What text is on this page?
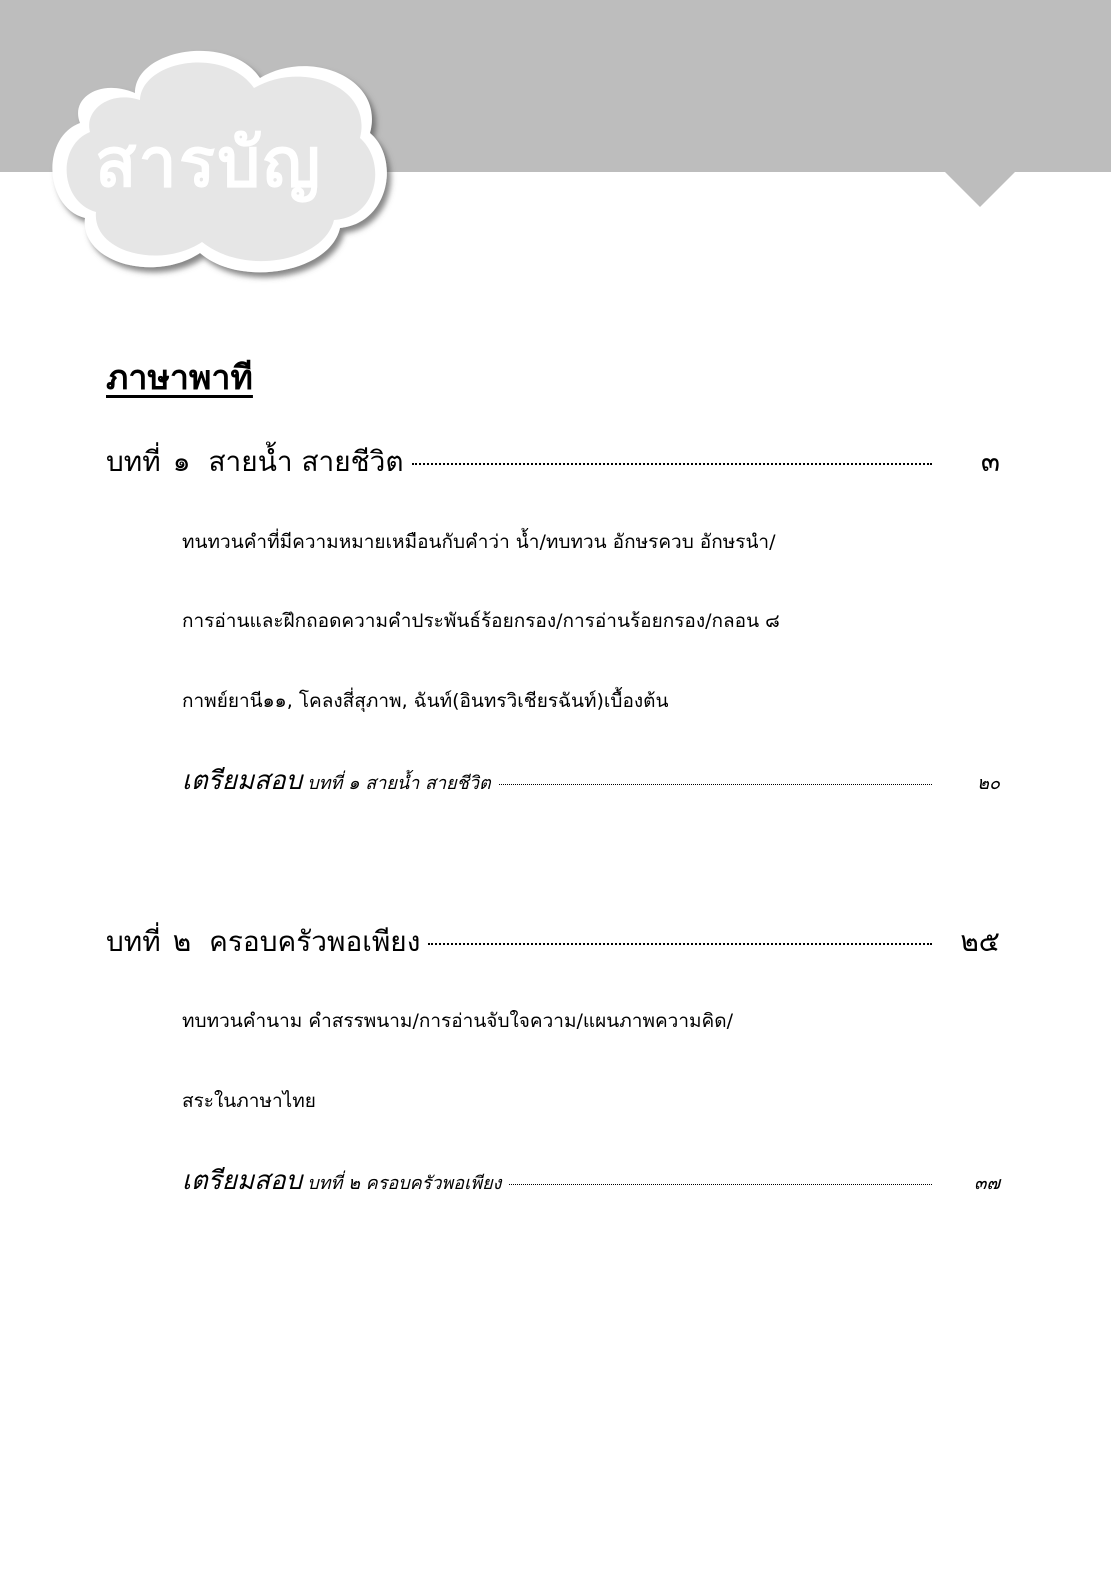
สารบัญ
ภาษาพาที
บทที่ ๑ สายน้ำ สายชีวิต	๓
ทนทวนคำที่มีความหมายเหมือนกับคำว่า น้ำ/ทบทวน อักษรควบ อักษรนำ/
การอ่านและฝึกถอดความคำประพันธ์ร้อยกรอง/การอ่านร้อยกรอง/กลอน ๘
กาพย์ยานี๑๑, โคลงสี่สุภาพ, ฉันท์(อินทรวิเชียรฉันท์)เบื้องต้น
เตรียมสอบ บทที่ ๑ สายน้ำ สายชีวิต	๒๐
บทที่ ๒ ครอบครัวพอเพียง	๒๕
ทบทวนคำนาม คำสรรพนาม/การอ่านจับใจความ/แผนภาพความคิด/
สระในภาษาไทย
เตรียมสอบ บทที่ ๒ ครอบครัวพอเพียง	๓๗
